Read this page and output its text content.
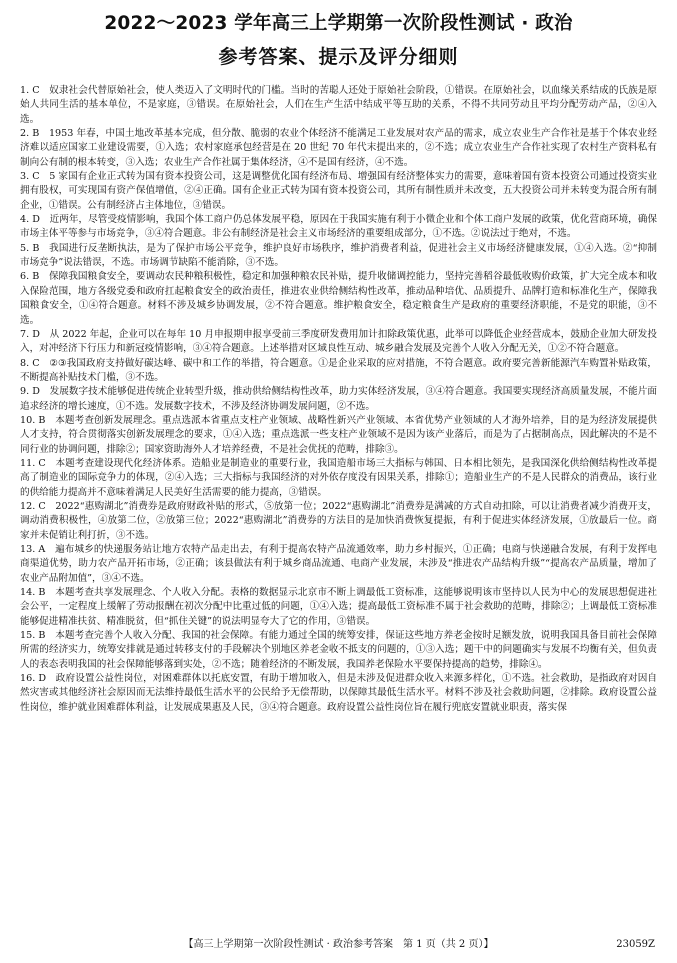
2022～2023 学年高三上学期第一次阶段性测试 · 政治
参考答案、提示及评分细则

1. C  奴隶社会代替原始社会，使人类迈入了文明时代的门槛。当时的苦聪人还处于原始社会阶段，①错误。在原始社会，以血缘关系结成的氏族是原始人共同生活的基本单位，不是家庭，③错误。在原始社会，人们在生产生活中结成平等互助的关系，不得不共同劳动且平均分配劳动产品，②④入选。

2. B  1953 年春，中国土地改革基本完成，但分散、脆弱的农业个体经济不能满足工业发展对农产品的需求，成立农业生产合作社是基于个体农业经济难以适应国家工业建设需要，①入选；农村家庭承包经营是在 20 世纪 70 年代末提出来的，②不选；成立农业生产合作社实现了农村生产资料私有制向公有制的根本转变，③入选；农业生产合作社属于集体经济，④不是国有经济，④不选。

3. C  5 家国有企业正式转为国有资本投资公司，这是调整优化国有经济布局、增强国有经济整体实力的需要，意味着国有资本投资公司通过投资实业拥有股权，可实现国有资产保值增值，②④正确。国有企业正式转为国有资本投资公司，其所有制性质并未改变，五大投资公司并未转变为混合所有制企业，①错误。公有制经济占主体地位，③错误。

4. D  近两年，尽管受疫情影响，我国个体工商户仍总体发展平稳，原因在于我国实施有利于小微企业和个体工商户发展的政策，优化营商环境，确保市场主体平等参与市场竞争，③④符合题意。非公有制经济是社会主义市场经济的重要组成部分，①不选。②说法过于绝对，不选。

5. B  我国进行反垄断执法，是为了保护市场公平竞争，维护良好市场秩序，维护消费者利益，促进社会主义市场经济健康发展，①④入选。②“抑制市场竞争”说法错误，不选。市场调节缺陷不能消除，③不选。

6. B  保障我国粮食安全，要调动农民种粮积极性，稳定和加强种粮农民补贴，提升收储调控能力，坚持完善稻谷最低收购价政策，扩大完全成本和收入保险范围，地方各级党委和政府扛起粮食安全的政治责任，推进农业供给侧结构性改革，推动品种培优、品质提升、品牌打造和标准化生产，保障我国粮食安全，①④符合题意。材料不涉及城乡协调发展，②不符合题意。维护粮食安全，稳定粮食生产是政府的重要经济职能，不是党的职能，③不选。

7. D  从 2022 年起，企业可以在每年 10 月申报期申报享受前三季度研发费用加计扣除政策优惠，此举可以降低企业经营成本，鼓励企业加大研发投入，对冲经济下行压力和新冠疫情影响，③④符合题意。上述举措对区域良性互动、城乡融合发展及完善个人收入分配无关，①②不符合题意。

8. C  ②③我国政府支持做好碳达峰、碳中和工作的举措，符合题意。①是企业采取的应对措施，不符合题意。政府要完善新能源汽车购置补贴政策，不断提高补贴技术门槛，③不选。

9. D  发展数字技术能够促进传统企业转型升级，推动供给侧结构性改革，助力实体经济发展，③④符合题意。我国要实现经济高质量发展，不能片面追求经济的增长速度，①不选。发展数字技术，不涉及经济协调发展问题，②不选。

10. B  本题考查创新发展理念。重点选派本省重点支柱产业领域、战略性新兴产业领域、本省优势产业领域的人才海外培养，目的是为经济发展提供人才支持，符合贯彻落实创新发展理念的要求，①④入选；重点选派一些支柱产业领域不是因为该产业落后，而是为了占据制高点，因此解决的不是不同行业的协调问题，排除②；国家资助海外人才培养经费，不是社会优抚的范畴，排除③。

11. C  本题考查建设现代化经济体系。造船业是制造业的重要行业，我国造船市场三大指标与韩国、日本相比领先，是我国深化供给侧结构性改革提高了制造业的国际竞争力的体现，②④入选；三大指标与我国经济的对外依存度没有因果关系，排除①；造船业生产的不是人民群众的消费品，该行业的供给能力提高并不意味着满足人民美好生活需要的能力提高，③错误。

12. C  2022“惠购湖北”消费券是政府财政补贴的形式，⑤放第一位；2022“惠购湖北”消费券是满减的方式自动扣除，可以让消费者减少消费开支，调动消费积极性，④放第二位，②放第三位；2022“惠购湖北”消费券的方法目的是加快消费恢复提振，有利于促进实体经济发展，①放最后一位。商家并未促销让利打折，③不选。

13. A  遍布城乡的快递服务站让地方农特产品走出去，有利于提高农特产品流通效率，助力乡村振兴，①正确；电商与快递融合发展，有利于发挥电商渠道优势，助力农产品开拓市场，②正确；该县做法有利于城乡商品流通、电商产业发展，未涉及“推进农产品结构升级”“提高农产品质量，增加了农业产品附加值”，③④不选。

14. B  本题考查共享发展理念、个人收入分配。表格的数据显示北京市不断上调最低工资标准，这能够说明该市坚持以人民为中心的发展思想促进社会公平，一定程度上缓解了劳动报酬在初次分配中比重过低的问题，①④入选；提高最低工资标准不属于社会救助的范畴，排除②；上调最低工资标准能够促进精准扶贫、精准脱贫，但“抓住关键”的说法明显夸大了它的作用，③错误。

15. B  本题考查完善个人收入分配、我国的社会保障。有能力通过全国的统筹安排，保证这些地方养老金按时足额发放，说明我国具备目前社会保障所需的经济实力，统筹安排就是通过转移支付的手段解决个别地区养老金收不抵支的问题的，①③入选；题干中的问题确实与发展不均衡有关，但负责人的表态表明我国的社会保障能够落到实处，②不选；随着经济的不断发展，我国养老保险水平要保持提高的趋势，排除④。

16. D  政府设置公益性岗位，对困难群体以托底安置，有助于增加收入，但是未涉及促进群众收入来源多样化，①不选。社会救助，是指政府对因自然灾害或其他经济社会原因而无法维持最低生活水平的公民给予无偿帮助，以保障其最低生活水平。材料不涉及社会救助问题，②排除。政府设置公益性岗位，维护就业困难群体利益，让发展成果惠及人民，③④符合题意。政府设置公益性岗位旨在履行兜底安置就业职责，落实保

【高三上学期第一次阶段性测试 · 政治参考答案　第 1 页（共 2 页）】	23059Z
